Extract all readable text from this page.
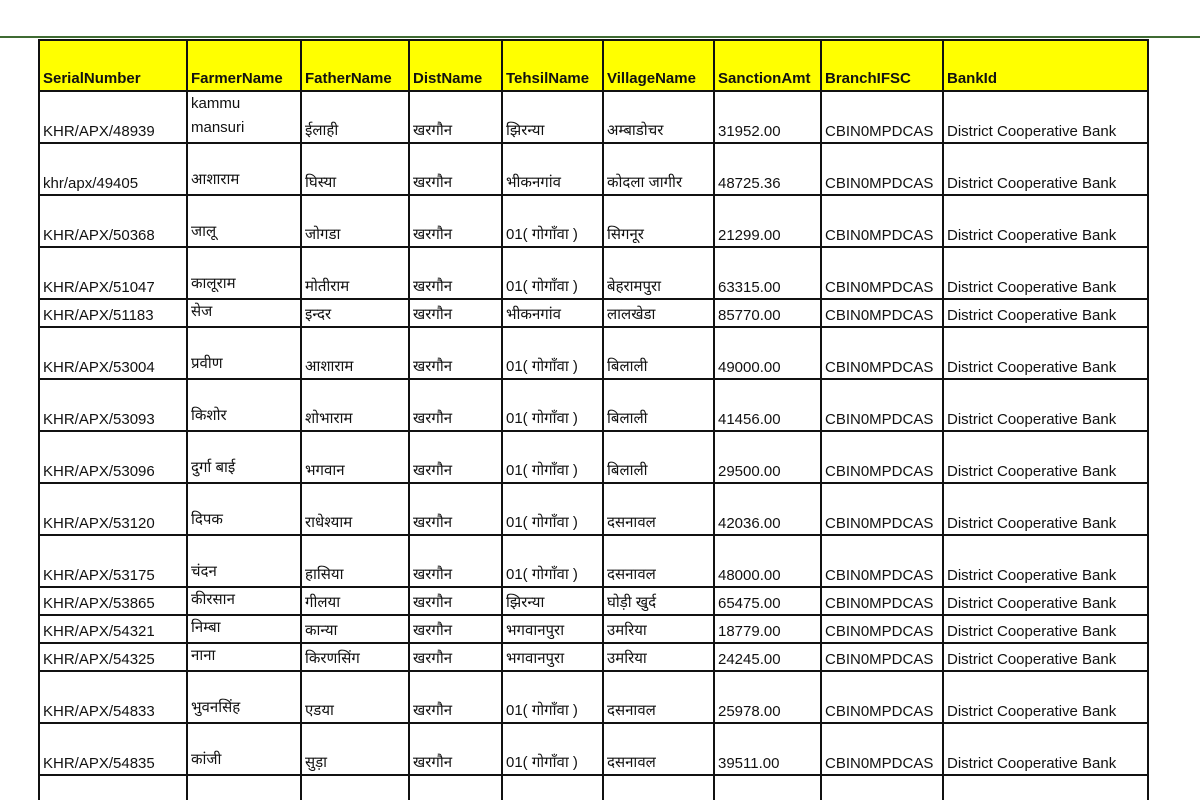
SerialNumber	FarmerName	FatherName	DistName	TehsilName	VillageName	SanctionAmt	BranchIFSC	BankId
KHR/APX/48939	kammu mansuri	ईलाही	खरगौन	झिरन्या	अम्बाडोचर	31952.00	CBIN0MPDCAS	District Cooperative Bank
khr/apx/49405	आशाराम	घिस्या	खरगौन	भीकनगांव	कोदला जागीर	48725.36	CBIN0MPDCAS	District Cooperative Bank
KHR/APX/50368	जालू	जोगडा	खरगौन	01( गोगॉंवा )	सिगनूर	21299.00	CBIN0MPDCAS	District Cooperative Bank
KHR/APX/51047	कालूराम	मोतीराम	खरगौन	01( गोगॉंवा )	बेहरामपुरा	63315.00	CBIN0MPDCAS	District Cooperative Bank
KHR/APX/51183	सेज	इन्दर	खरगौन	भीकनगांव	लालखेडा	85770.00	CBIN0MPDCAS	District Cooperative Bank
KHR/APX/53004	प्रवीण	आशाराम	खरगौन	01( गोगॉंवा )	बिलाली	49000.00	CBIN0MPDCAS	District Cooperative Bank
KHR/APX/53093	किशोर	शोभाराम	खरगौन	01( गोगॉंवा )	बिलाली	41456.00	CBIN0MPDCAS	District Cooperative Bank
KHR/APX/53096	दुर्गा बाई	भगवान	खरगौन	01( गोगॉंवा )	बिलाली	29500.00	CBIN0MPDCAS	District Cooperative Bank
KHR/APX/53120	दिपक	राधेश्याम	खरगौन	01( गोगॉंवा )	दसनावल	42036.00	CBIN0MPDCAS	District Cooperative Bank
KHR/APX/53175	चंदन	हासिया	खरगौन	01( गोगॉंवा )	दसनावल	48000.00	CBIN0MPDCAS	District Cooperative Bank
KHR/APX/53865	कीरसान	गीलया	खरगौन	झिरन्या	घोड़ी खुर्द	65475.00	CBIN0MPDCAS	District Cooperative Bank
KHR/APX/54321	निम्बा	कान्या	खरगौन	भगवानपुरा	उमरिया	18779.00	CBIN0MPDCAS	District Cooperative Bank
KHR/APX/54325	नाना	किरणसिंग	खरगौन	भगवानपुरा	उमरिया	24245.00	CBIN0MPDCAS	District Cooperative Bank
KHR/APX/54833	भुवनसिंह	एडया	खरगौन	01( गोगॉंवा )	दसनावल	25978.00	CBIN0MPDCAS	District Cooperative Bank
KHR/APX/54835	कांजी	सुड़ा	खरगौन	01( गोगॉंवा )	दसनावल	39511.00	CBIN0MPDCAS	District Cooperative Bank
